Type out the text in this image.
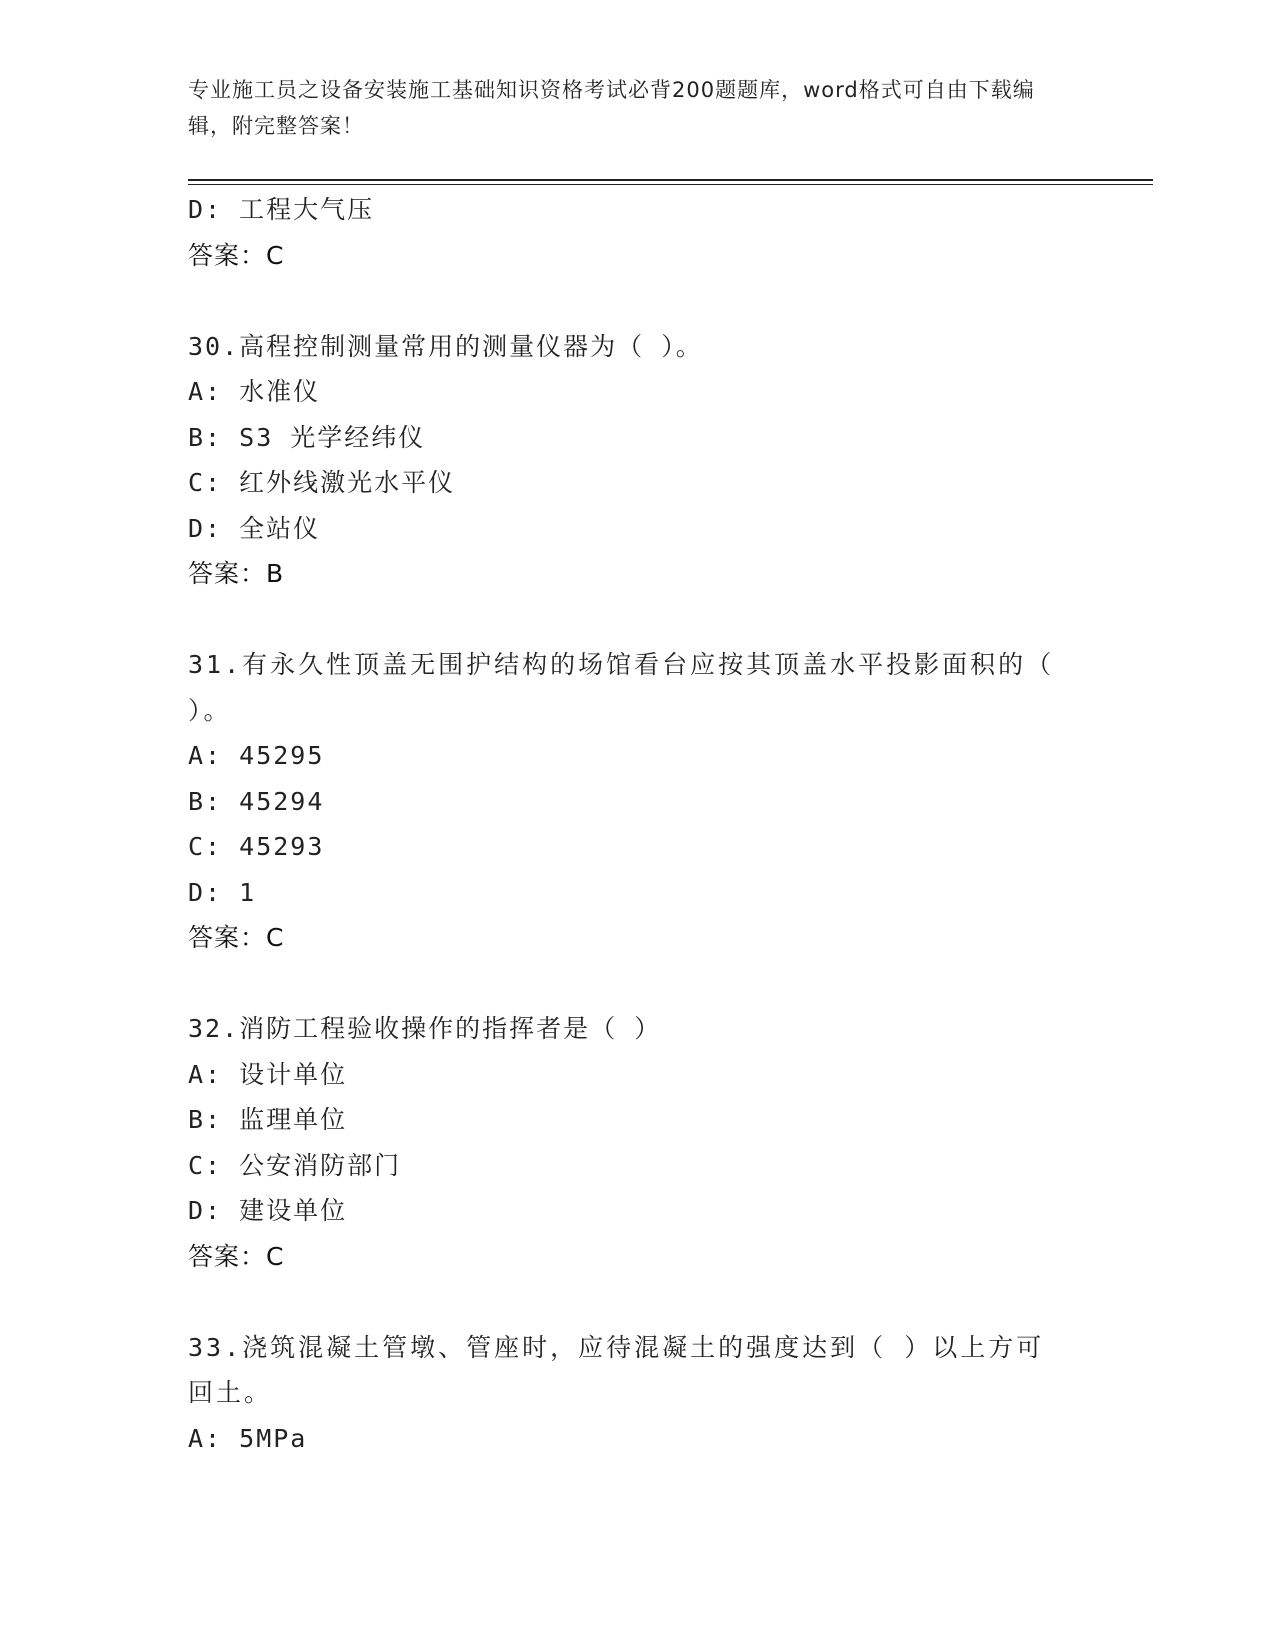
专业施工员之设备安装施工基础知识资格考试必背200题题库，word格式可自由下载编辑，附完整答案！
D: 工程大气压
答案：C
30.高程控制测量常用的测量仪器为（ ）。
A: 水准仪
B: S3 光学经纬仪
C: 红外线激光水平仪
D: 全站仪
答案：B
31.有永久性顶盖无围护结构的场馆看台应按其顶盖水平投影面积的（ ）。
A: 45295
B: 45294
C: 45293
D: 1
答案：C
32.消防工程验收操作的指挥者是（ ）
A: 设计单位
B: 监理单位
C: 公安消防部门
D: 建设单位
答案：C
33.浇筑混凝土管墩、管座时，应待混凝土的强度达到（ ）以上方可回土。
A: 5MPa
